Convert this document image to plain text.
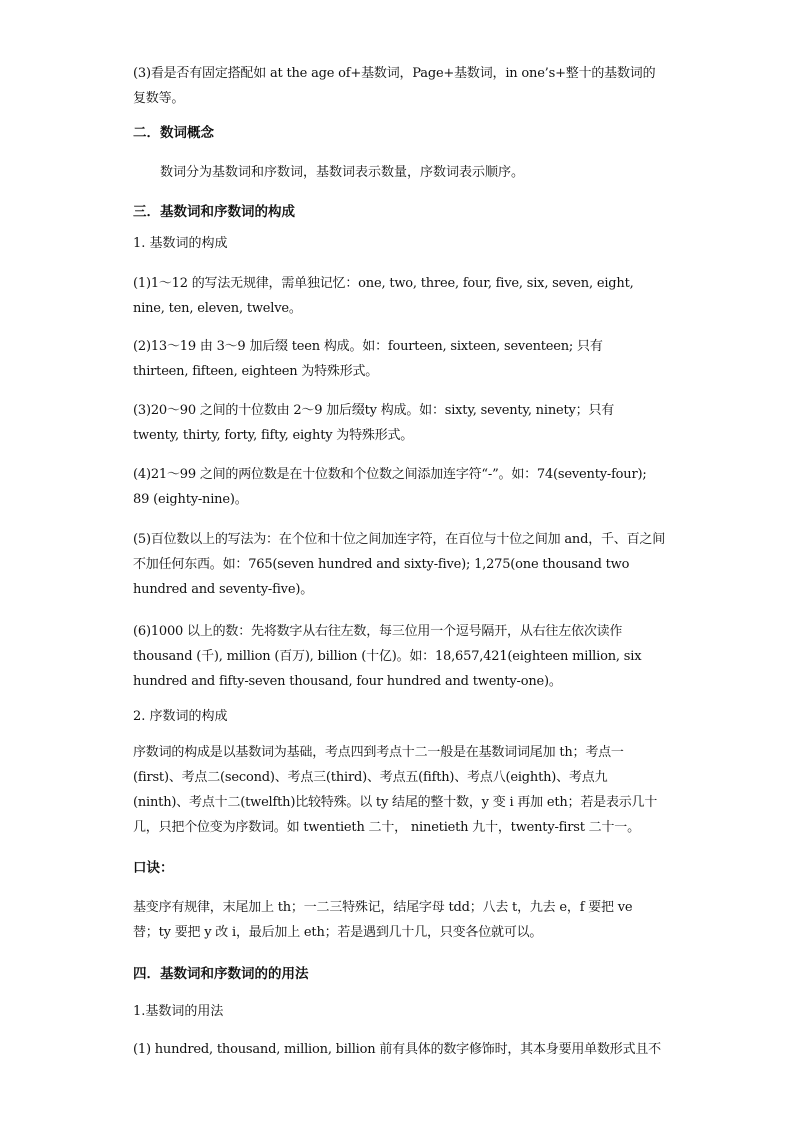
(3)看是否有固定搭配如 at the age of+基数词，Page+基数词，in one’s+整十的基数词的复数等。

二．数词概念

数词分为基数词和序数词，基数词表示数量，序数词表示顺序。

三．基数词和序数词的构成

1. 基数词的构成

(1)1～12 的写法无规律，需单独记忆：one, two, three, four, five, six, seven, eight, nine, ten, eleven, twelve。

(2)13～19 由 3～9 加后缀 teen 构成。如：fourteen, sixteen, seventeen; 只有 thirteen, fifteen, eighteen 为特殊形式。

(3)20～90 之间的十位数由 2～9 加后缀ty 构成。如：sixty, seventy, ninety；只有 twenty, thirty, forty, fifty, eighty 为特殊形式。

(4)21～99 之间的两位数是在十位数和个位数之间添加连字符“-”。如：74(seventy-four); 89 (eighty-nine)。

(5)百位数以上的写法为：在个位和十位之间加连字符，在百位与十位之间加 and，千、百之间不加任何东西。如：765(seven hundred and sixty-five); 1,275(one thousand two hundred and seventy-five)。

(6)1000 以上的数：先将数字从右往左数，每三位用一个逗号隔开，从右往左依次读作 thousand (千), million (百万), billion (十亿)。如：18,657,421(eighteen million, six hundred and fifty-seven thousand, four hundred and twenty-one)。

2. 序数词的构成

序数词的构成是以基数词为基础，考点四到考点十二一般是在基数词词尾加 th；考点一(first)、考点二(second)、考点三(third)、考点五(fifth)、考点八(eighth)、考点九(ninth)、考点十二(twelfth)比较特殊。以 ty 结尾的整十数，y 变 i 再加 eth；若是表示几十几，只把个位变为序数词。如 twentieth 二十， ninetieth 九十，twenty-first 二十一。

口诀：

基变序有规律，末尾加上 th；一二三特殊记，结尾字母 tdd；八去 t，九去 e，f 要把 ve 替；ty 要把 y 改 i，最后加上 eth；若是遇到几十几，只变各位就可以。

四．基数词和序数词的的用法

1.基数词的用法

(1) hundred, thousand, million, billion 前有具体的数字修饰时，其本身要用单数形式且不
